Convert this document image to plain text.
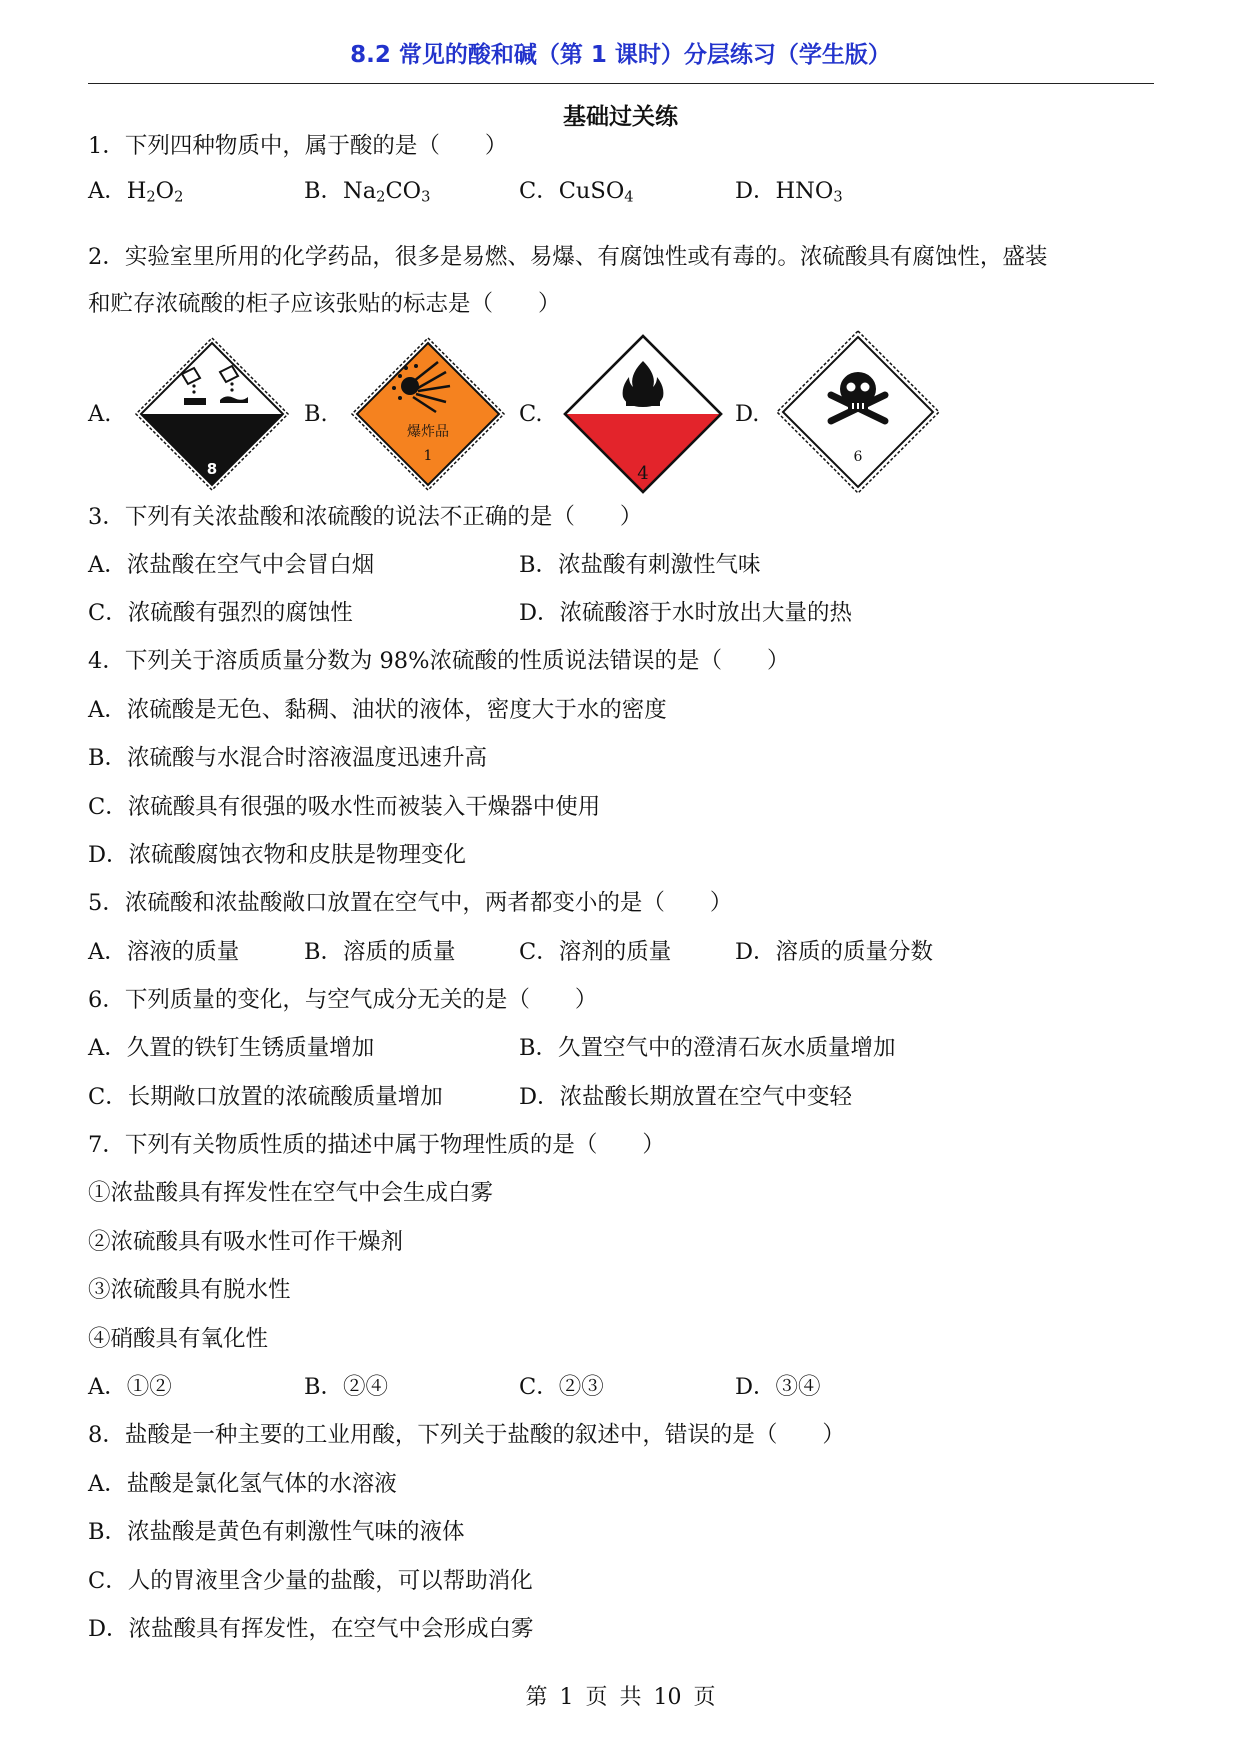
8.2 常见的酸和碱（第 1 课时）分层练习（学生版）
基础过关练
1．下列四种物质中，属于酸的是（　　）
A．$H_2O_2$	B．$Na_2CO_3$	C．CuSO$_4$	D．$HNO_3$
2．实验室里所用的化学药品，很多是易燃、易爆、有腐蚀性或有毒的。浓硫酸具有腐蚀性，盛装
和贮存浓硫酸的柜子应该张贴的标志是（　　）
A.	B.	C.	D.
8
爆炸品
1
4
6
3．下列有关浓盐酸和浓硫酸的说法不正确的是（　　）
A．浓盐酸在空气中会冒白烟	B．浓盐酸有刺激性气味
C．浓硫酸有强烈的腐蚀性	D．浓硫酸溶于水时放出大量的热
4．下列关于溶质质量分数为 98%浓硫酸的性质说法错误的是（　　）
A．浓硫酸是无色、黏稠、油状的液体，密度大于水的密度
B．浓硫酸与水混合时溶液温度迅速升高
C．浓硫酸具有很强的吸水性而被装入干燥器中使用
D．浓硫酸腐蚀衣物和皮肤是物理变化
5．浓硫酸和浓盐酸敞口放置在空气中，两者都变小的是（　　）
A．溶液的质量	B．溶质的质量	C．溶剂的质量	D．溶质的质量分数
6．下列质量的变化，与空气成分无关的是（　　）
A．久置的铁钉生锈质量增加	B．久置空气中的澄清石灰水质量增加
C．长期敞口放置的浓硫酸质量增加	D．浓盐酸长期放置在空气中变轻
7．下列有关物质性质的描述中属于物理性质的是（　　）
①浓盐酸具有挥发性在空气中会生成白雾
②浓硫酸具有吸水性可作干燥剂
③浓硫酸具有脱水性
④硝酸具有氧化性
A．①②	B．②④	C．②③	D．③④
8．盐酸是一种主要的工业用酸，下列关于盐酸的叙述中，错误的是（　　）
A．盐酸是氯化氢气体的水溶液
B．浓盐酸是黄色有刺激性气味的液体
C．人的胃液里含少量的盐酸，可以帮助消化
D．浓盐酸具有挥发性，在空气中会形成白雾
第 1 页 共 10 页
